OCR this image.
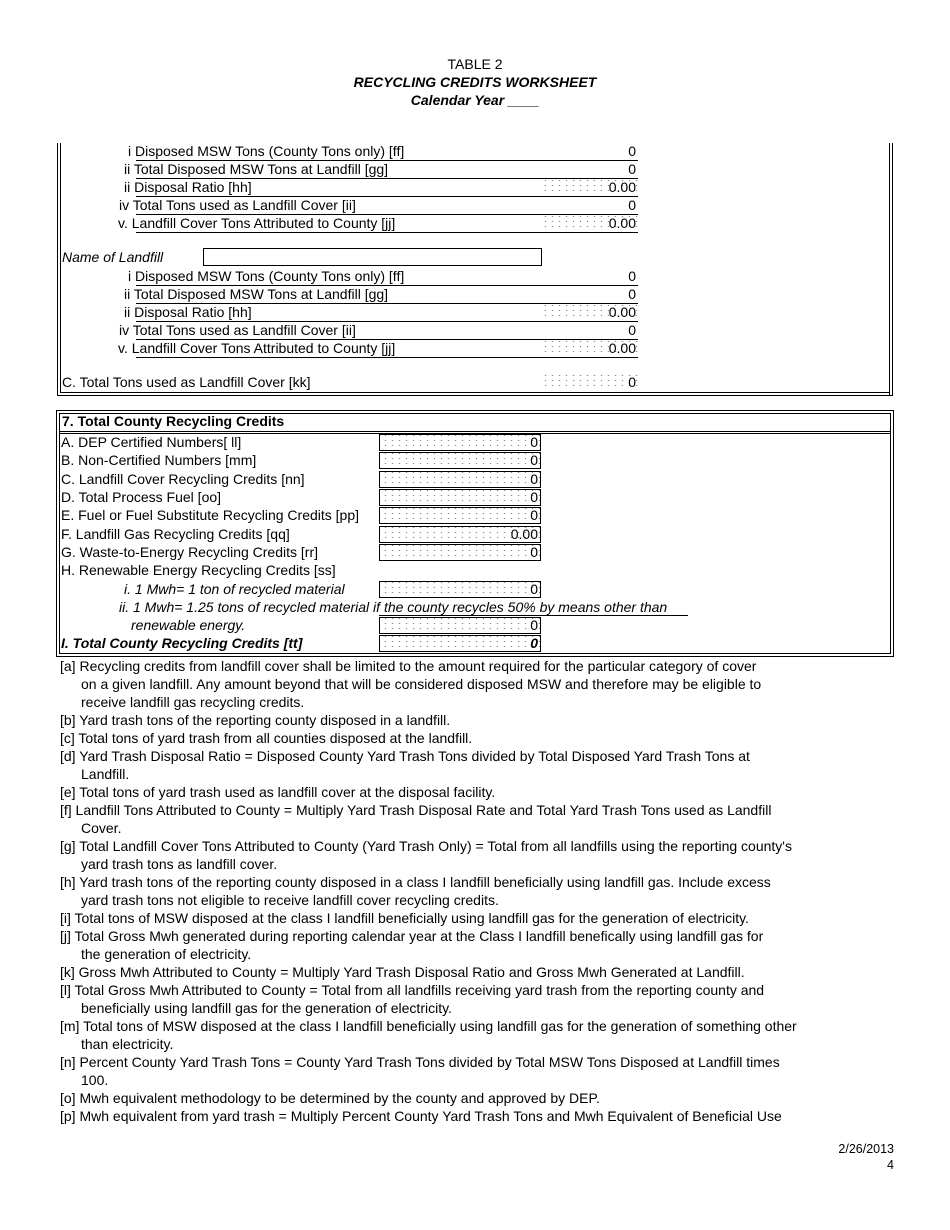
TABLE 2
RECYCLING CREDITS WORKSHEET
Calendar Year ____
i Disposed MSW Tons (County Tons only) [ff]	0
ii Total Disposed MSW Tons at Landfill [gg]	0
ii Disposal Ratio [hh]	0.00
iv Total Tons used as Landfill Cover [ii]	0
v. Landfill Cover Tons Attributed to County [jj]	0.00
Name of Landfill
i Disposed MSW Tons (County Tons only) [ff]	0
ii Total Disposed MSW Tons at Landfill [gg]	0
ii Disposal Ratio [hh]	0.00
iv Total Tons used as Landfill Cover [ii]	0
v. Landfill Cover Tons Attributed to County [jj]	0.00
C. Total Tons used as Landfill Cover [kk]	0
7. Total County Recycling Credits
A. DEP Certified Numbers[ ll]	0
B. Non-Certified Numbers [mm]	0
C. Landfill Cover Recycling Credits [nn]	0
D. Total Process Fuel [oo]	0
E. Fuel or Fuel Substitute Recycling Credits [pp]	0
F. Landfill Gas Recycling Credits [qq]	0.00
G. Waste-to-Energy Recycling Credits [rr]	0
H. Renewable Energy Recycling Credits [ss]
i. 1 Mwh= 1 ton of recycled material	0
ii. 1 Mwh= 1.25 tons of recycled material if the county recycles 50% by means other than
renewable energy.	0
I. Total County Recycling Credits [tt]	0
[a] Recycling credits from landfill cover shall be limited to the amount required for the particular category of cover
on a given landfill. Any amount beyond that will be considered disposed MSW and therefore may be eligible to
receive landfill gas recycling credits.
[b] Yard trash tons of the reporting county disposed in a landfill.
[c] Total tons of yard trash from all counties disposed at the landfill.
[d] Yard Trash Disposal Ratio = Disposed County Yard Trash Tons divided by Total Disposed Yard Trash Tons at
Landfill.
[e] Total tons of yard trash used as landfill cover at the disposal facility.
[f] Landfill Tons Attributed to County = Multiply Yard Trash Disposal Rate and Total Yard Trash Tons used as Landfill
Cover.
[g] Total Landfill Cover Tons Attributed to County (Yard Trash Only) = Total from all landfills using the reporting county's
yard trash tons as landfill cover.
[h] Yard trash tons of the reporting county disposed in a class I landfill beneficially using landfill gas. Include excess
yard trash tons not eligible to receive landfill cover recycling credits.
[i] Total tons of MSW disposed at the class I landfill beneficially using landfill gas for the generation of electricity.
[j] Total Gross Mwh generated during reporting calendar year at the Class I landfill benefically using landfill gas for
the generation of electricity.
[k] Gross Mwh Attributed to County = Multiply Yard Trash Disposal Ratio and Gross Mwh Generated at Landfill.
[l] Total Gross Mwh Attributed to County = Total from all landfills receiving yard trash from the reporting county and
beneficially using landfill gas for the generation of electricity.
[m] Total tons of MSW disposed at the class I landfill beneficially using landfill gas for the generation of something other
than electricity.
[n] Percent County Yard Trash Tons = County Yard Trash Tons divided by Total MSW Tons Disposed at Landfill times
100.
[o] Mwh equivalent methodology to be determined by the county and approved by DEP.
[p] Mwh equivalent from yard trash = Multiply Percent County Yard Trash Tons and Mwh Equivalent of Beneficial Use
2/26/2013
4
